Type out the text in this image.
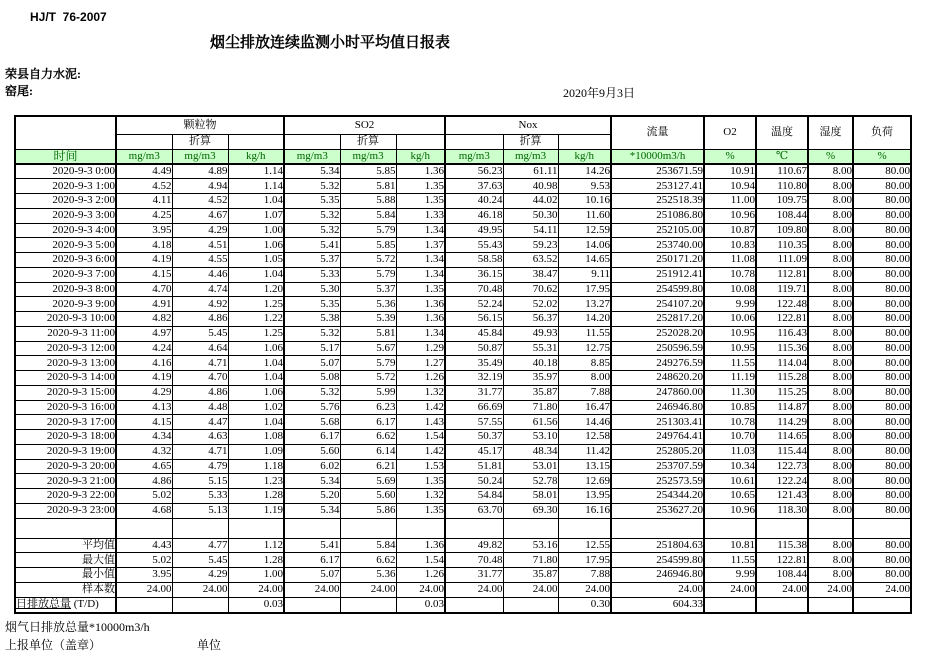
HJ/T  76-2007
烟尘排放连续监测小时平均值日报表
荣县自力水泥:
窑尾:	2020年9月3日
	颗粒物			SO2			Nox			流量	O2	温度	湿度	负荷
		折算			折算			折算						
时间	mg/m3	mg/m3	kg/h	mg/m3	mg/m3	kg/h	mg/m3	mg/m3	kg/h	*10000m3/h	%	℃	%	%
2020-9-3 0:00	4.49	4.89	1.14	5.34	5.85	1.36	56.23	61.11	14.26	253671.59	10.91	110.67	8.00	80.00
2020-9-3 1:00	4.52	4.94	1.14	5.32	5.81	1.35	37.63	40.98	9.53	253127.41	10.94	110.80	8.00	80.00
2020-9-3 2:00	4.11	4.52	1.04	5.35	5.88	1.35	40.24	44.02	10.16	252518.39	11.00	109.75	8.00	80.00
2020-9-3 3:00	4.25	4.67	1.07	5.32	5.84	1.33	46.18	50.30	11.60	251086.80	10.96	108.44	8.00	80.00
2020-9-3 4:00	3.95	4.29	1.00	5.32	5.79	1.34	49.95	54.11	12.59	252105.00	10.87	109.80	8.00	80.00
2020-9-3 5:00	4.18	4.51	1.06	5.41	5.85	1.37	55.43	59.23	14.06	253740.00	10.83	110.35	8.00	80.00
2020-9-3 6:00	4.19	4.55	1.05	5.37	5.72	1.34	58.58	63.52	14.65	250171.20	11.08	111.09	8.00	80.00
2020-9-3 7:00	4.15	4.46	1.04	5.33	5.79	1.34	36.15	38.47	9.11	251912.41	10.78	112.81	8.00	80.00
2020-9-3 8:00	4.70	4.74	1.20	5.30	5.37	1.35	70.48	70.62	17.95	254599.80	10.08	119.71	8.00	80.00
2020-9-3 9:00	4.91	4.92	1.25	5.35	5.36	1.36	52.24	52.02	13.27	254107.20	9.99	122.48	8.00	80.00
2020-9-3 10:00	4.82	4.86	1.22	5.38	5.39	1.36	56.15	56.37	14.20	252817.20	10.06	122.81	8.00	80.00
2020-9-3 11:00	4.97	5.45	1.25	5.32	5.81	1.34	45.84	49.93	11.55	252028.20	10.95	116.43	8.00	80.00
2020-9-3 12:00	4.24	4.64	1.06	5.17	5.67	1.29	50.87	55.31	12.75	250596.59	10.95	115.36	8.00	80.00
2020-9-3 13:00	4.16	4.71	1.04	5.07	5.79	1.27	35.49	40.18	8.85	249276.59	11.55	114.04	8.00	80.00
2020-9-3 14:00	4.19	4.70	1.04	5.08	5.72	1.26	32.19	35.97	8.00	248620.20	11.19	115.28	8.00	80.00
2020-9-3 15:00	4.29	4.86	1.06	5.32	5.99	1.32	31.77	35.87	7.88	247860.00	11.30	115.25	8.00	80.00
2020-9-3 16:00	4.13	4.48	1.02	5.76	6.23	1.42	66.69	71.80	16.47	246946.80	10.85	114.87	8.00	80.00
2020-9-3 17:00	4.15	4.47	1.04	5.68	6.17	1.43	57.55	61.56	14.46	251303.41	10.78	114.29	8.00	80.00
2020-9-3 18:00	4.34	4.63	1.08	6.17	6.62	1.54	50.37	53.10	12.58	249764.41	10.70	114.65	8.00	80.00
2020-9-3 19:00	4.32	4.71	1.09	5.60	6.14	1.42	45.17	48.34	11.42	252805.20	11.03	115.44	8.00	80.00
2020-9-3 20:00	4.65	4.79	1.18	6.02	6.21	1.53	51.81	53.01	13.15	253707.59	10.34	122.73	8.00	80.00
2020-9-3 21:00	4.86	5.15	1.23	5.34	5.69	1.35	50.24	52.78	12.69	252573.59	10.61	122.24	8.00	80.00
2020-9-3 22:00	5.02	5.33	1.28	5.20	5.60	1.32	54.84	58.01	13.95	254344.20	10.65	121.43	8.00	80.00
2020-9-3 23:00	4.68	5.13	1.19	5.34	5.86	1.35	63.70	69.30	16.16	253627.20	10.96	118.30	8.00	80.00

平均值	4.43	4.77	1.12	5.41	5.84	1.36	49.82	53.16	12.55	251804.63	10.81	115.38	8.00	80.00
最大值	5.02	5.45	1.28	6.17	6.62	1.54	70.48	71.80	17.95	254599.80	11.55	122.81	8.00	80.00
最小值	3.95	4.29	1.00	5.07	5.36	1.26	31.77	35.87	7.88	246946.80	9.99	108.44	8.00	80.00
样本数	24.00	24.00	24.00	24.00	24.00	24.00	24.00	24.00	24.00	24.00	24.00	24.00	24.00	24.00
日排放总量 (T/D)			0.03			0.03			0.30	604.33				
烟气日排放总量*10000m3/h
上报单位（盖章）	单位
